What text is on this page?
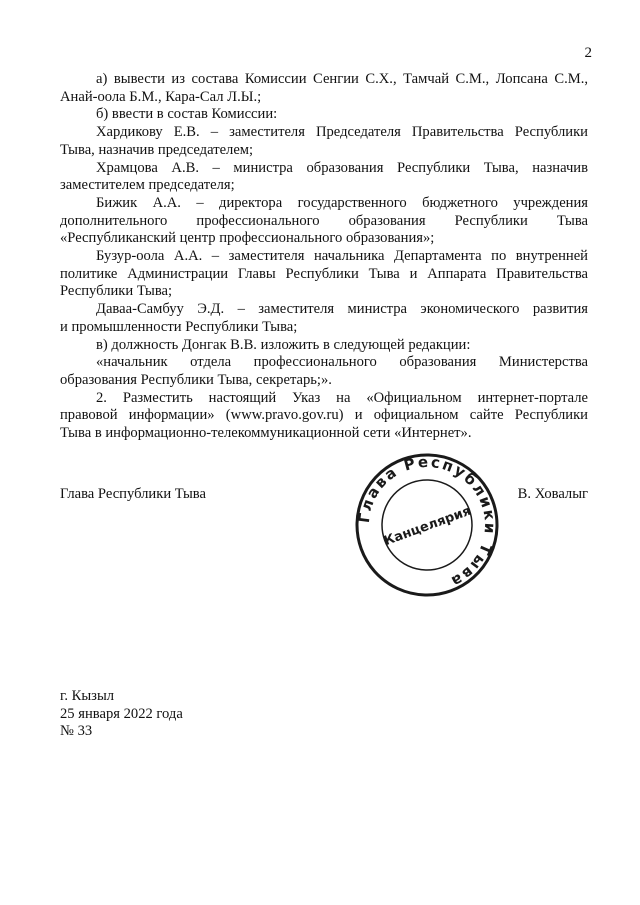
2

а) вывести из состава Комиссии Сенгии С.Х., Тамчай С.М., Лопсана С.М.,
Анай-оола Б.М., Кара-Сал Л.Ы.;

б) ввести в состав Комиссии:

Хардикову Е.В. – заместителя Председателя Правительства Республики
Тыва, назначив председателем;

Храмцова А.В. – министра образования Республики Тыва, назначив
заместителем председателя;

Бижик А.А. – директора государственного бюджетного учреждения
дополнительного профессионального образования Республики Тыва
«Республиканский центр профессионального образования»;

Бузур-оола А.А. – заместителя начальника Департамента по внутренней
политике Администрации Главы Республики Тыва и Аппарата Правительства
Республики Тыва;

Даваа-Самбуу Э.Д. – заместителя министра экономического развития
и промышленности Республики Тыва;

в) должность Донгак В.В. изложить в следующей редакции:

«начальник отдела профессионального образования Министерства
образования Республики Тыва, секретарь;».

2. Разместить настоящий Указ на «Официальном интернет-портале
правовой информации» (www.pravo.gov.ru) и официальном сайте Республики
Тыва в информационно-телекоммуникационной сети «Интернет».

Глава Республики Тыва	В. Ховалыг
Глава Республики Тыва
Канцелярия
г. Кызыл
25 января 2022 года
№ 33
